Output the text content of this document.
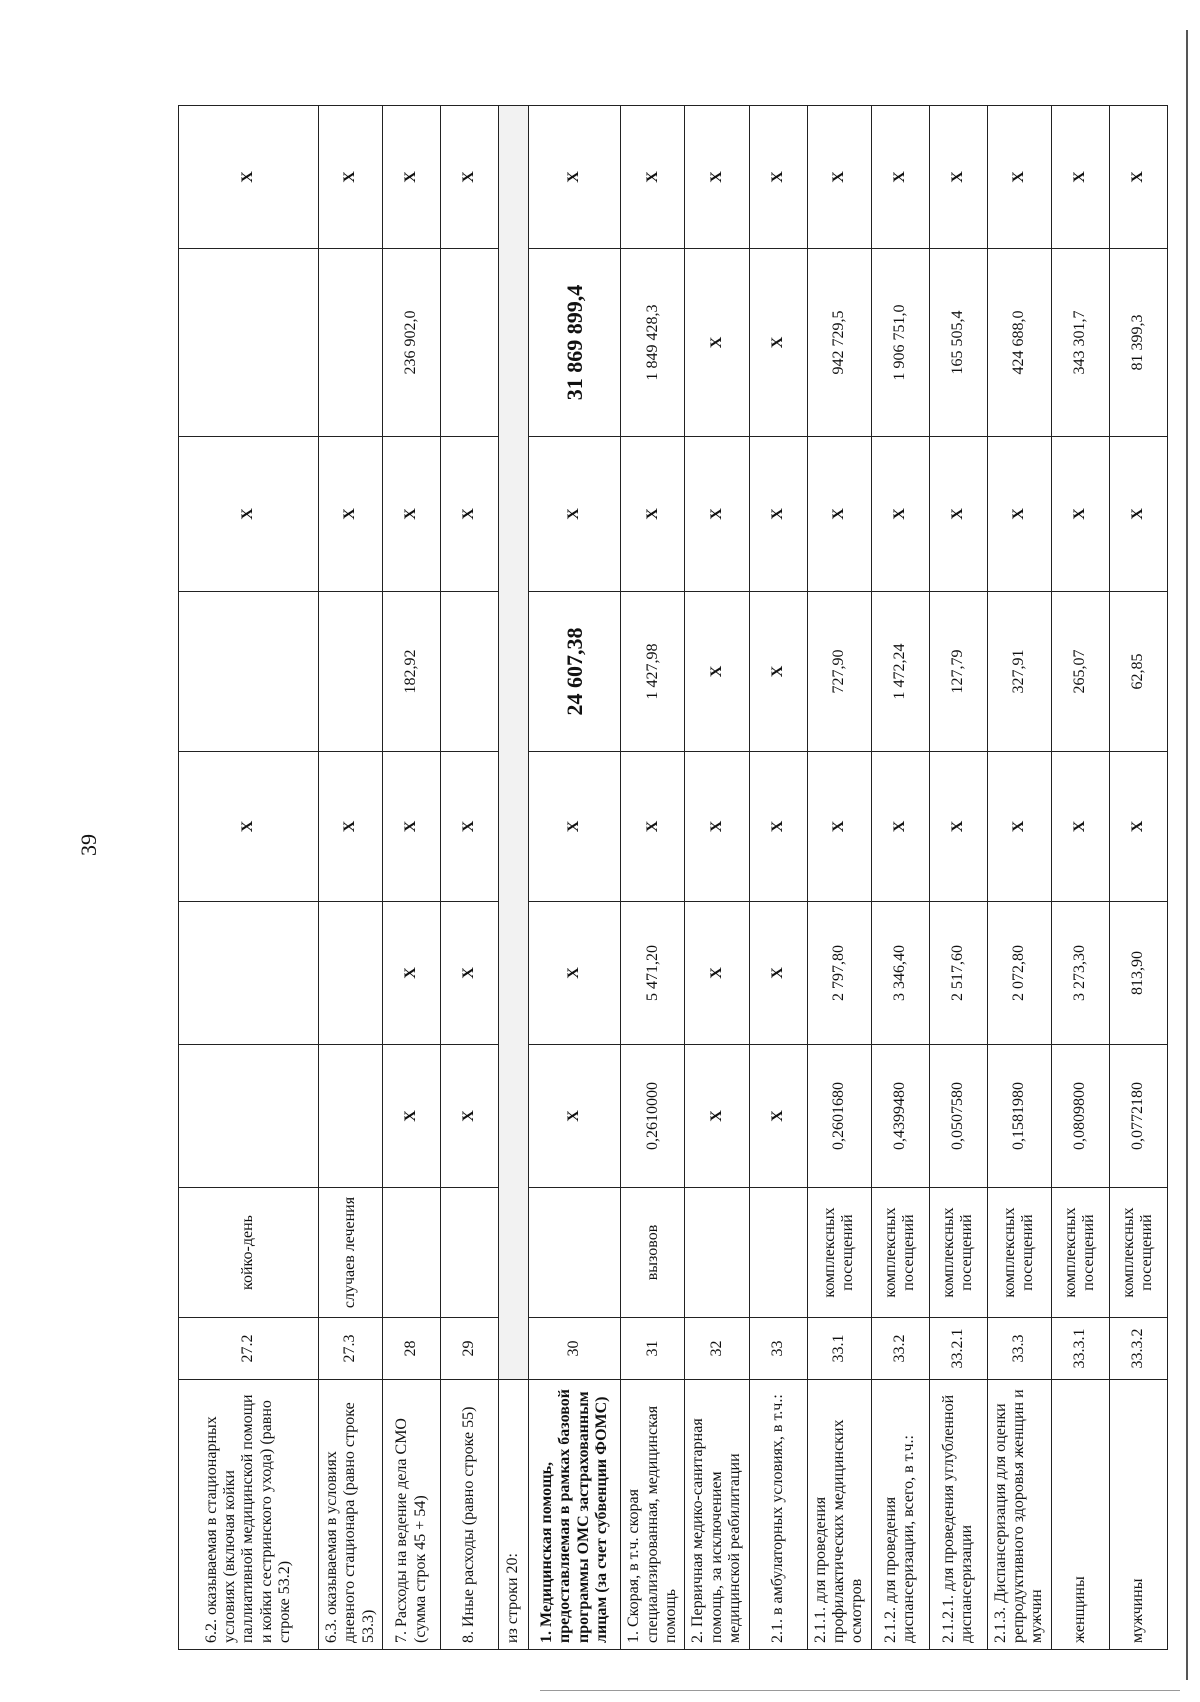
39
6.2. оказываемая в стационарных условиях (включая койки паллиативной медицинской помощи и койки сестринского ухода) (равно строке 53.2)	27.2	койко-день			X		X		X
6.3. оказываемая в условиях дневного стационара (равно строке 53.3)	27.3	случаев лечения			X		X		X
7. Расходы на ведение дела СМО (сумма строк 45 + 54)	28		X	X	X	182,92	X	236 902,0	X
8. Иные расходы (равно строке 55)	29		X	X	X		X		X
из строки 20:									
1. Медицинская помощь, предоставляемая в рамках базовой программы ОМС застрахованным лицам (за счет субвенции ФОМС)	30		X	X	X	24 607,38	X	31 869 899,4	X
1. Скорая, в т.ч. скорая специализированная, медицинская помощь	31	вызовов	0,2610000	5 471,20	X	1 427,98	X	1 849 428,3	X
2. Первичная медико-санитарная помощь, за исключением медицинской реабилитации	32		X	X	X	X	X	X	X
2.1. в амбулаторных условиях, в т.ч.:	33		X	X	X	X	X	X	X
2.1.1. для проведения профилактических медицинских осмотров	33.1	комплексных посещений	0,2601680	2 797,80	X	727,90	X	942 729,5	X
2.1.2. для проведения диспансеризации, всего, в т.ч.:	33.2	комплексных посещений	0,4399480	3 346,40	X	1 472,24	X	1 906 751,0	X
2.1.2.1. для проведения углубленной диспансеризации	33.2.1	комплексных посещений	0,0507580	2 517,60	X	127,79	X	165 505,4	X
2.1.3. Диспансеризация для оценки репродуктивного здоровья женщин и мужчин	33.3	комплексных посещений	0,1581980	2 072,80	X	327,91	X	424 688,0	X
женщины	33.3.1	комплексных посещений	0,0809800	3 273,30	X	265,07	X	343 301,7	X
мужчины	33.3.2	комплексных посещений	0,0772180	813,90	X	62,85	X	81 399,3	X
